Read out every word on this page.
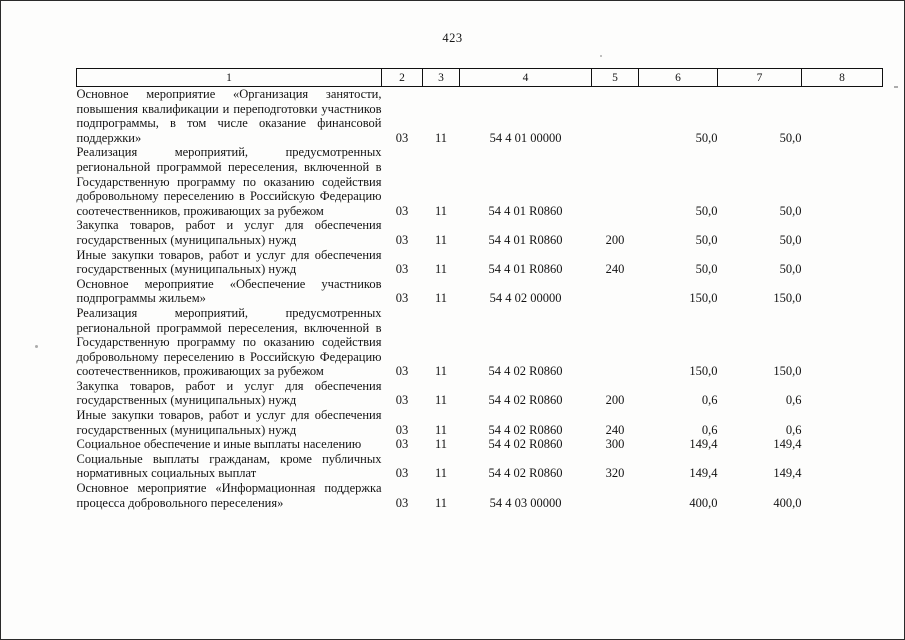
423
1	2	3	4	5	6	7	8
Основное мероприятие «Организация занятости, повышения квалификации и переподготовки участников подпрограммы, в том числе оказание финансовой поддержки»	03	11	54 4 01 00000		50,0	50,0	
Реализация мероприятий, предусмотренных региональной программой переселения, включенной в Государственную программу по оказанию содействия добровольному переселению в Российскую Федерацию соотечественников, проживающих за рубежом	03	11	54 4 01 R0860		50,0	50,0	
Закупка товаров, работ и услуг для обеспечения государственных (муниципальных) нужд	03	11	54 4 01 R0860	200	50,0	50,0	
Иные закупки товаров, работ и услуг для обеспечения государственных (муниципальных) нужд	03	11	54 4 01 R0860	240	50,0	50,0	
Основное мероприятие «Обеспечение участников подпрограммы жильем»	03	11	54 4 02 00000		150,0	150,0	
Реализация мероприятий, предусмотренных региональной программой переселения, включенной в Государственную программу по оказанию содействия добровольному переселению в Российскую Федерацию соотечественников, проживающих за рубежом	03	11	54 4 02 R0860		150,0	150,0	
Закупка товаров, работ и услуг для обеспечения государственных (муниципальных) нужд	03	11	54 4 02 R0860	200	0,6	0,6	
Иные закупки товаров, работ и услуг для обеспечения государственных (муниципальных) нужд	03	11	54 4 02 R0860	240	0,6	0,6	
Социальное обеспечение и иные выплаты населению	03	11	54 4 02 R0860	300	149,4	149,4	
Социальные выплаты гражданам, кроме публичных нормативных социальных выплат	03	11	54 4 02 R0860	320	149,4	149,4	
Основное мероприятие «Информационная поддержка процесса добровольного переселения»	03	11	54 4 03 00000		400,0	400,0	
